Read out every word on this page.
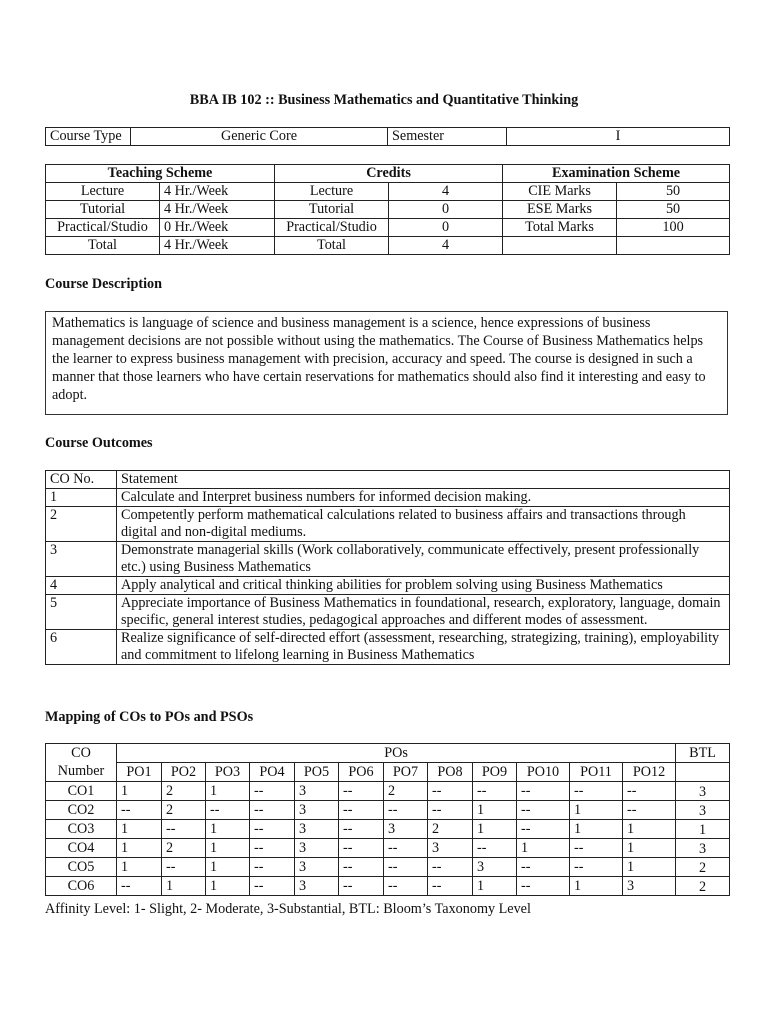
BBA IB 102 :: Business Mathematics and Quantitative Thinking
Course Type	Generic Core	Semester	I
Teaching Scheme		Credits		Examination Scheme	
Lecture	4 Hr./Week	Lecture	4	CIE Marks	50
Tutorial	4 Hr./Week	Tutorial	0	ESE Marks	50
Practical/Studio	0 Hr./Week	Practical/Studio	0	Total Marks	100
Total	4 Hr./Week	Total	4		
Course Description
Mathematics is language of science and business management is a science, hence expressions of business management decisions are not possible without using the mathematics. The Course of Business Mathematics helps the learner to express business management with precision, accuracy and speed. The course is designed in such a manner that those learners who have certain reservations for mathematics should also find it interesting and easy to adopt.
Course Outcomes
CO No.	Statement
1	Calculate and Interpret business numbers for informed decision making.
2	Competently perform mathematical calculations related to business affairs and transactions through digital and non-digital mediums.
3	Demonstrate managerial skills (Work collaboratively, communicate effectively, present professionally etc.) using Business Mathematics
4	Apply analytical and critical thinking abilities for problem solving using Business Mathematics
5	Appreciate importance of Business Mathematics in foundational, research, exploratory, language, domain specific, general interest studies, pedagogical approaches and different modes of assessment.
6	Realize significance of self-directed effort (assessment, researching, strategizing, training), employability and commitment to lifelong learning in Business Mathematics
Mapping of COs to POs and PSOs
CO
Number	POs												BTL
	PO1	PO2	PO3	PO4	PO5	PO6	PO7	PO8	PO9	PO10	PO11	PO12	
CO1	1	2	1	--	3	--	2	--	--	--	--	--	3
CO2	--	2	--	--	3	--	--	--	1	--	1	--	3
CO3	1	--	1	--	3	--	3	2	1	--	1	1	1
CO4	1	2	1	--	3	--	--	3	--	1	--	1	3
CO5	1	--	1	--	3	--	--	--	3	--	--	1	2
CO6	--	1	1	--	3	--	--	--	1	--	1	3	2
Affinity Level: 1- Slight, 2- Moderate, 3-Substantial, BTL: Bloom’s Taxonomy Level
